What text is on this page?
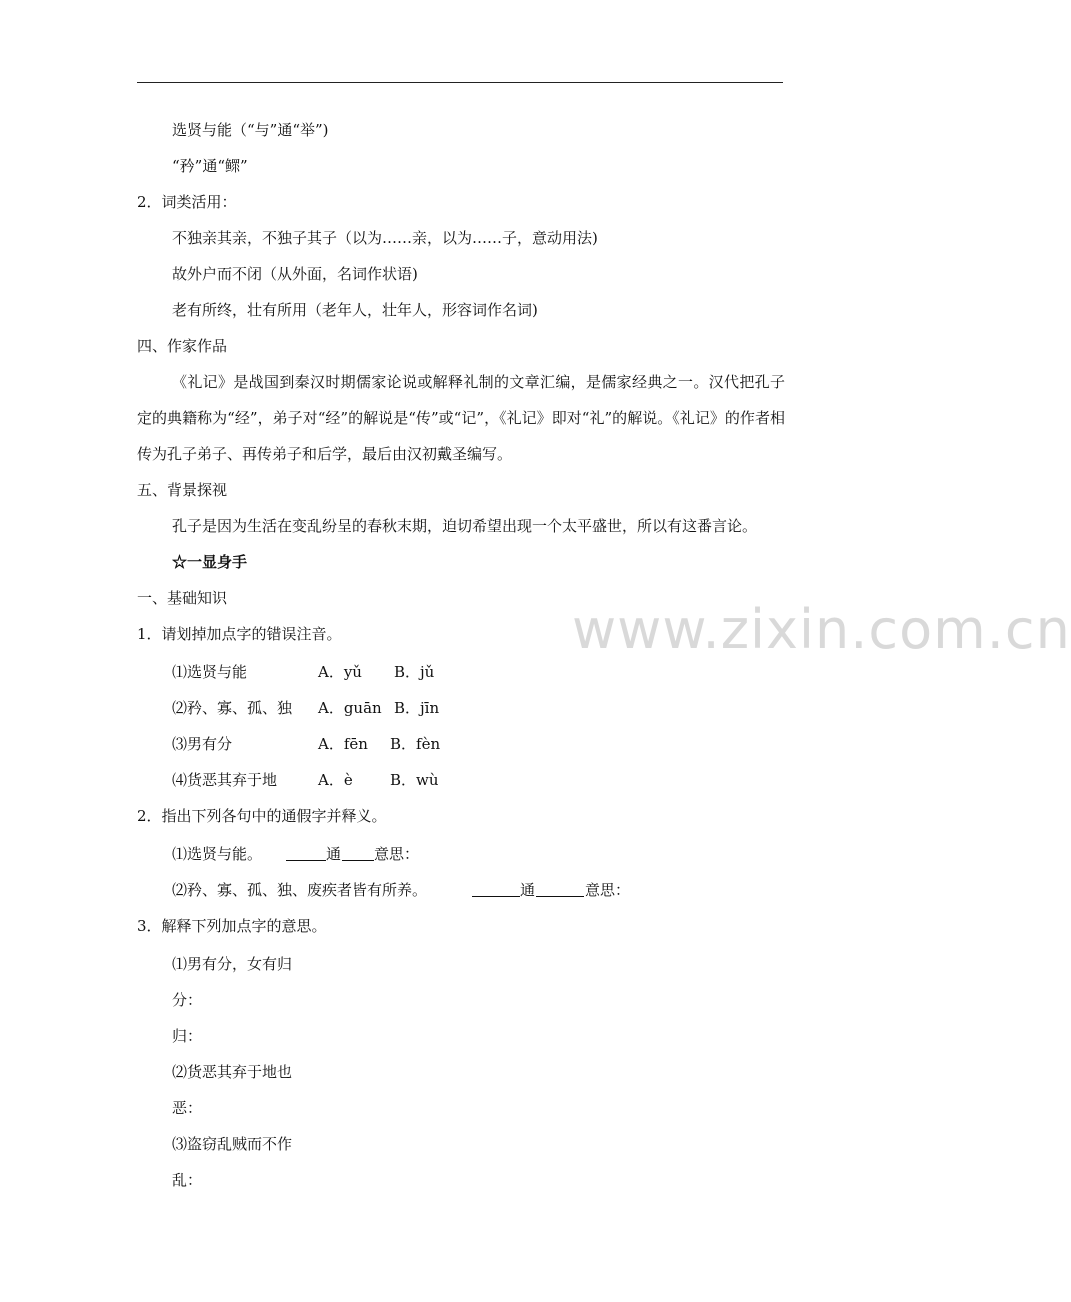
选贤与能（“与”通“举”)
“矜”通“鳏”
2．词类活用：
不独亲其亲，不独子其子（以为……亲，以为……子，意动用法)
故外户而不闭（从外面，名词作状语)
老有所终，壮有所用（老年人，壮年人，形容词作名词)
四、作家作品
《礼记》是战国到秦汉时期儒家论说或解释礼制的文章汇编，是儒家经典之一。汉代把孔子定的典籍称为“经”，弟子对“经”的解说是“传”或“记”，《礼记》即对“礼”的解说。《礼记》的作者相传为孔子弟子、再传弟子和后学，最后由汉初戴圣编写。
五、背景探视
孔子是因为生活在变乱纷呈的春秋末期，迫切希望出现一个太平盛世，所以有这番言论。
☆一显身手
一、基础知识
1．请划掉加点字的错误注音。
⑴选贤与能	A．yǔ B．jǔ
⑵矜、寡、孤、独 A．guān B．jīn
⑶男有分	A．fēn B．fèn
⑷货恶其弃于地	A．è B．wù
2．指出下列各句中的通假字并释义。
⑴选贤与能。	通 意思：
⑵矜、寡、孤、独、废疾者皆有所养。	通	意思：
3．解释下列加点字的意思。
⑴男有分，女有归
分：
归：
⑵货恶其弃于地也
恶：
⑶盗窃乱贼而不作
乱：
www.zixin.com.cn
